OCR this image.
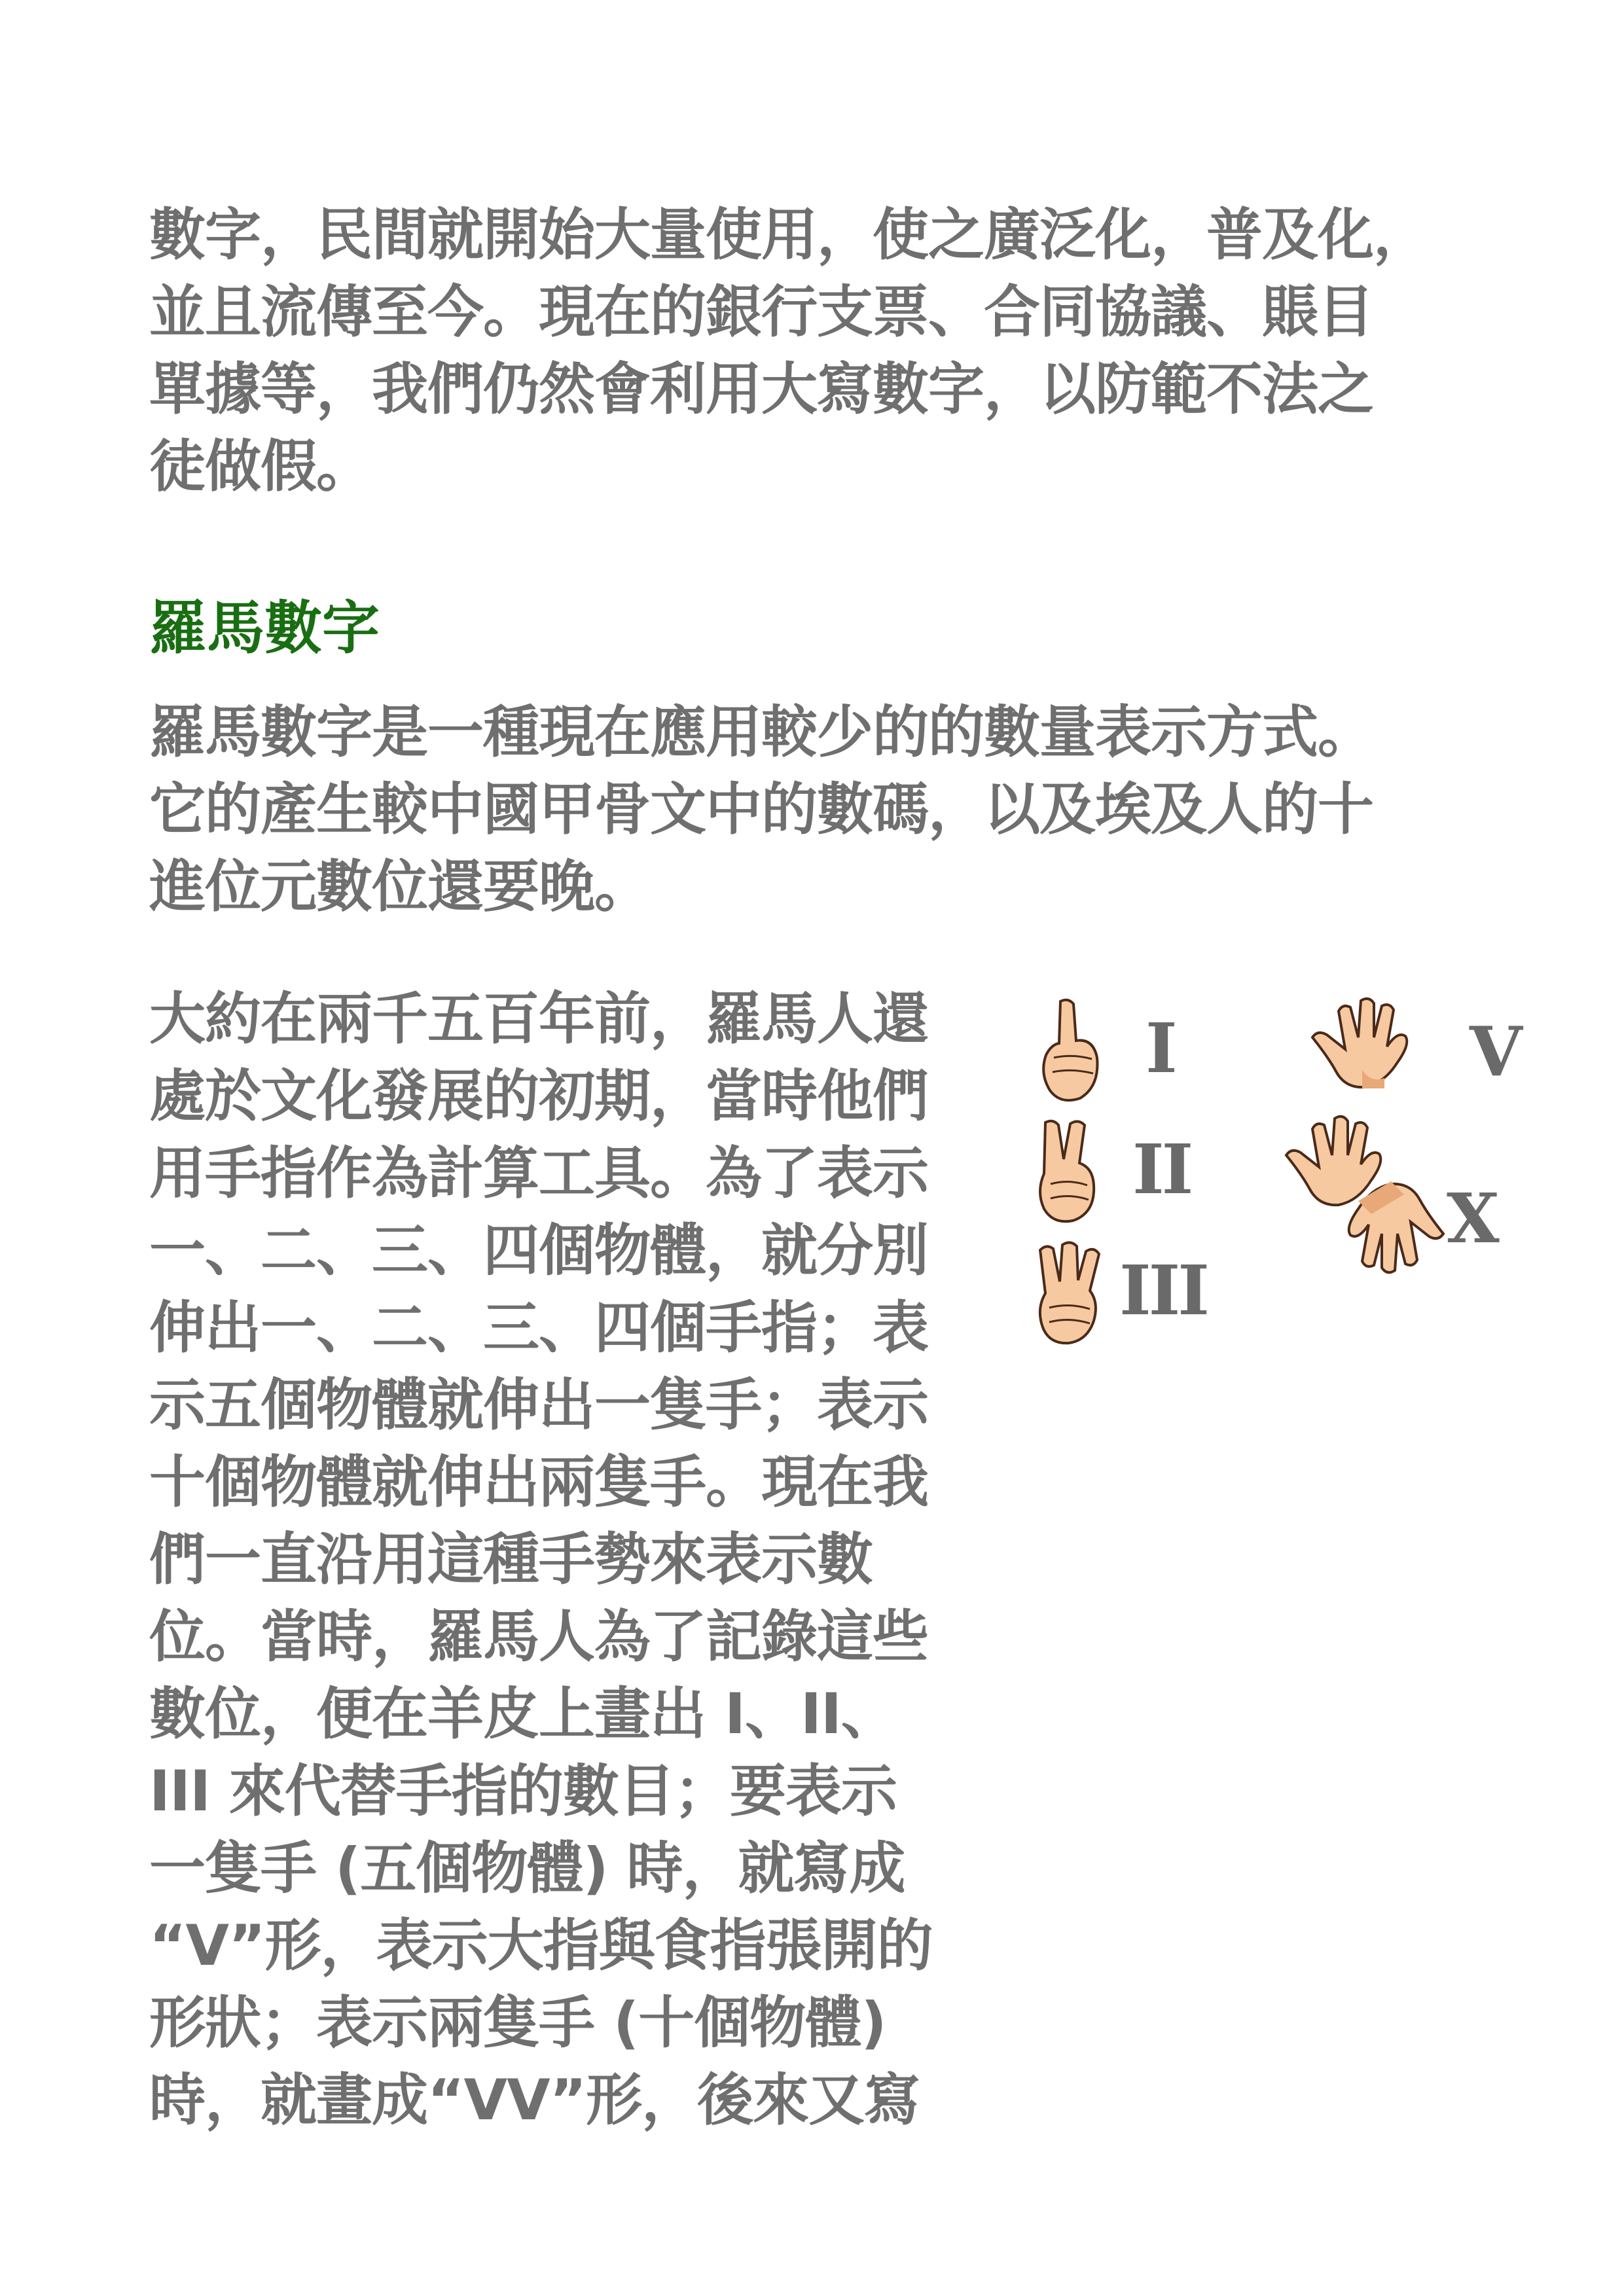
數字，民間就開始大量使用，使之廣泛化，普及化，
並且流傳至今。現在的銀行支票、合同協議、賬目
單據等，我們仍然會利用大寫數字，以防範不法之
徒做假。
羅馬數字
羅馬數字是一種現在應用較少的的數量表示方式。
它的產生較中國甲骨文中的數碼，以及埃及人的十
進位元數位還要晚。
大約在兩千五百年前，羅馬人還
處於文化發展的初期，當時他們
用手指作為計算工具。為了表示
一、二、三、四個物體，就分別
伸出一、二、三、四個手指；表
示五個物體就伸出一隻手；表示
十個物體就伸出兩隻手。現在我
們一直沿用這種手勢來表示數
位。當時，羅馬人為了記錄這些
數位，便在羊皮上畫出 I、II、
III 來代替手指的數目；要表示
一隻手 (五個物體) 時，就寫成
“V”形，表示大指與食指張開的
形狀；表示兩隻手 (十個物體)
時，就畫成“VV”形，後來又寫
I
II
III
V
X
